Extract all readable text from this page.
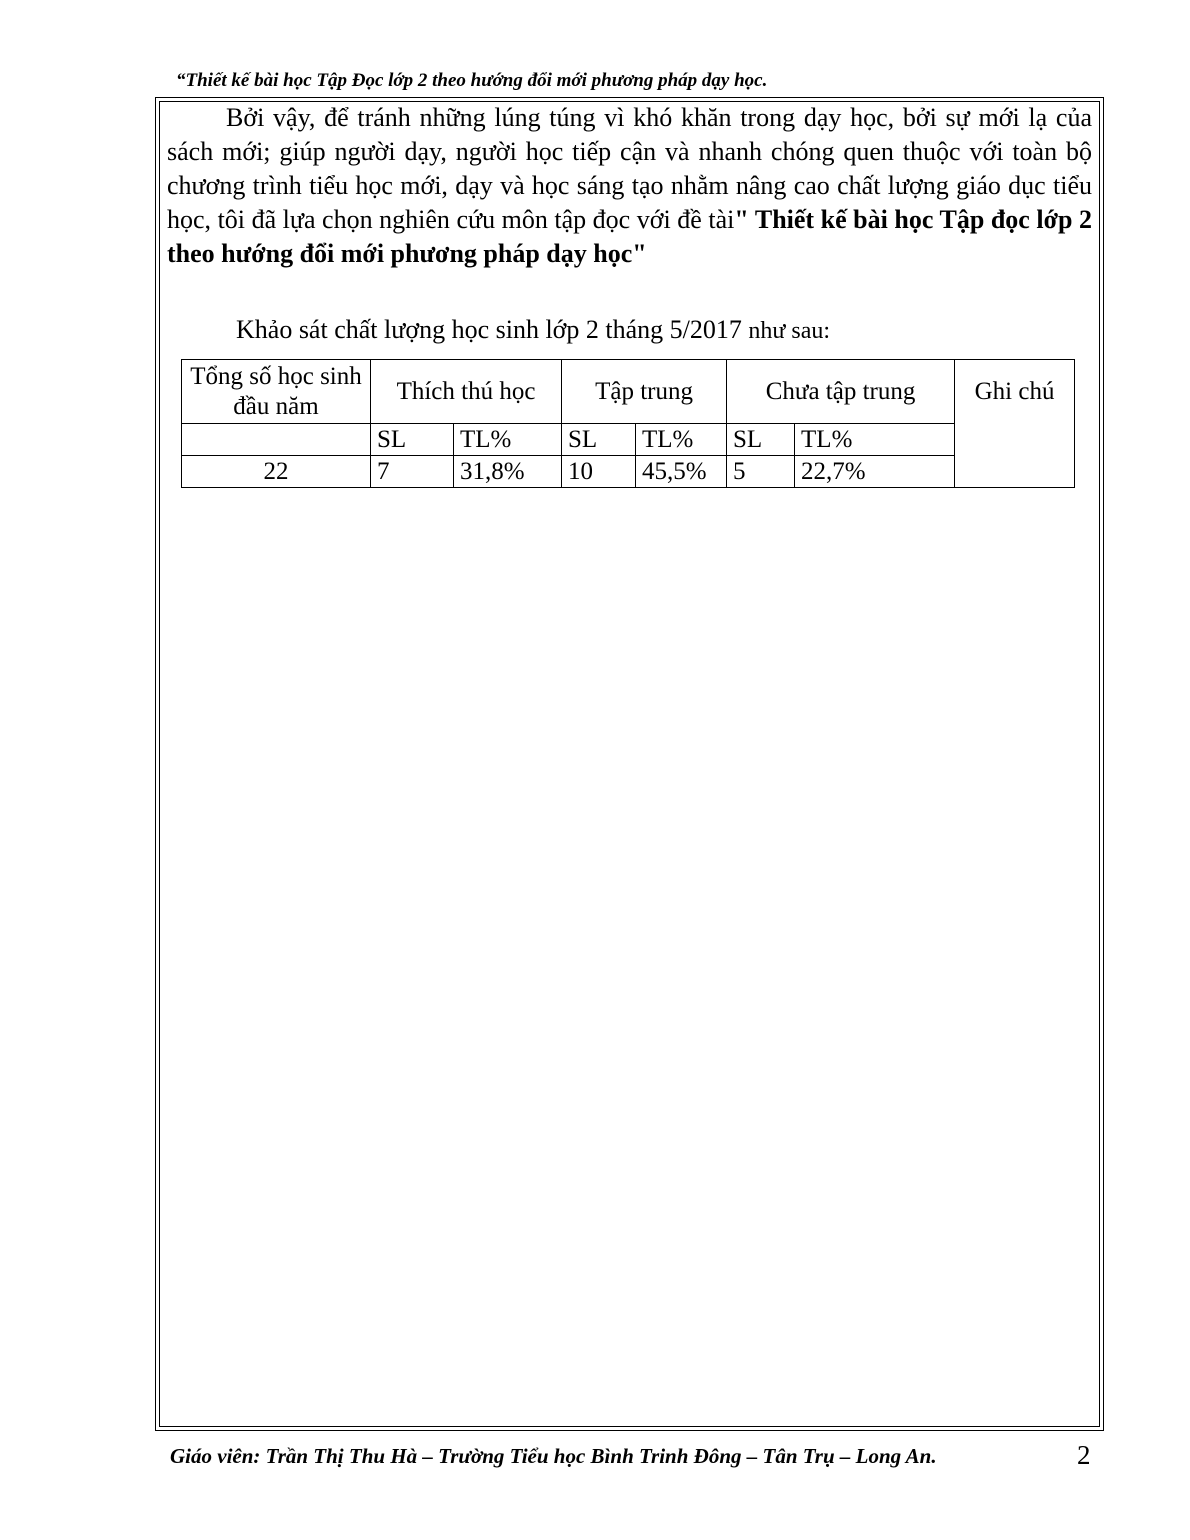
“Thiết kế bài học Tập Đọc lớp 2 theo hướng đổi mới phương pháp dạy học.

Bởi vậy, để tránh những lúng túng vì khó khăn trong dạy học, bởi sự mới lạ của sách mới; giúp người dạy, người học tiếp cận và nhanh chóng quen thuộc với toàn bộ chương trình tiểu học mới, dạy và học sáng tạo nhằm nâng cao chất lượng giáo dục tiểu học, tôi đã lựa chọn nghiên cứu môn tập đọc với đề tài" Thiết kế bài học Tập đọc lớp 2 theo hướng đổi mới phương pháp dạy học"

Khảo sát chất lượng học sinh lớp 2 tháng 5/2017 như sau:
Tổng số học sinh đầu năm	Thích thú học		Tập trung		Chưa tập trung		Ghi chú
	SL	TL%	SL	TL%	SL	TL%	
22	7	31,8%	10	45,5%	5	22,7%	
Giáo viên: Trần Thị Thu Hà – Trường Tiểu học Bình Trinh Đông – Tân Trụ – Long An.	2
